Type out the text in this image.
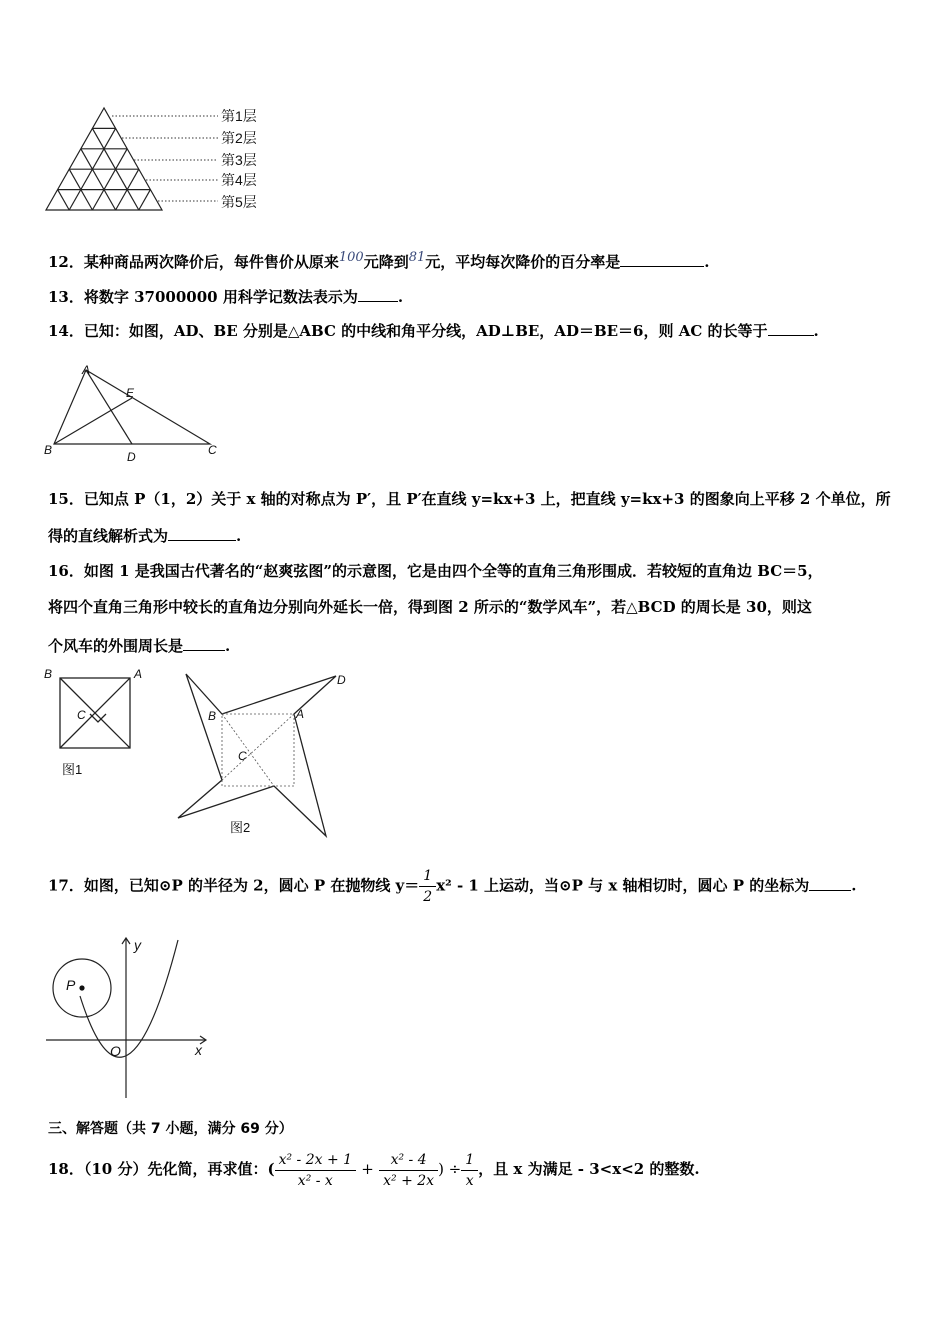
第1层
第2层
第3层
第4层
第5层
12．某种商品两次降价后，每件售价从原来100元降到81元，平均每次降价的百分率是	.
13．将数字 37000000 用科学记数法表示为	.
14．已知：如图，AD、BE 分别是△ABC 的中线和角平分线，AD⊥BE，AD＝BE＝6，则 AC 的长等于	.
A
E
B	D	C
15．已知点 P（1，2）关于 x 轴的对称点为 P′，且 P′在直线 y=kx+3 上，把直线 y=kx+3 的图象向上平移 2 个单位，所
得的直线解析式为	.
16．如图 1 是我国古代著名的“赵爽弦图”的示意图，它是由四个全等的直角三角形围成．若较短的直角边 BC＝5，
将四个直角三角形中较长的直角边分别向外延长一倍，得到图 2 所示的“数学风车”，若△BCD 的周长是 30，则这
个风车的外围周长是	.
B	A
C
图1
B	A
D
C
图2
17．如图，已知⊙P 的半径为 2，圆心 P 在抛物线 $y= \frac{1}{2} x^2 - 1$ 上运动，当⊙P 与 x 轴相切时，圆心 P 的坐标为	.
y
x
O
P
三、解答题（共 7 小题，满分 69 分）
18．（10 分）先化简，再求值：( $\frac{\text{x² - 2x + 1}}{\text{x² - x}} + \frac{\text{x² - 4}}{\text{x² + 2x}}$ ) ÷ $\frac{1}{x}$ ，且 x 为满足 - 3<x<2 的整数.
